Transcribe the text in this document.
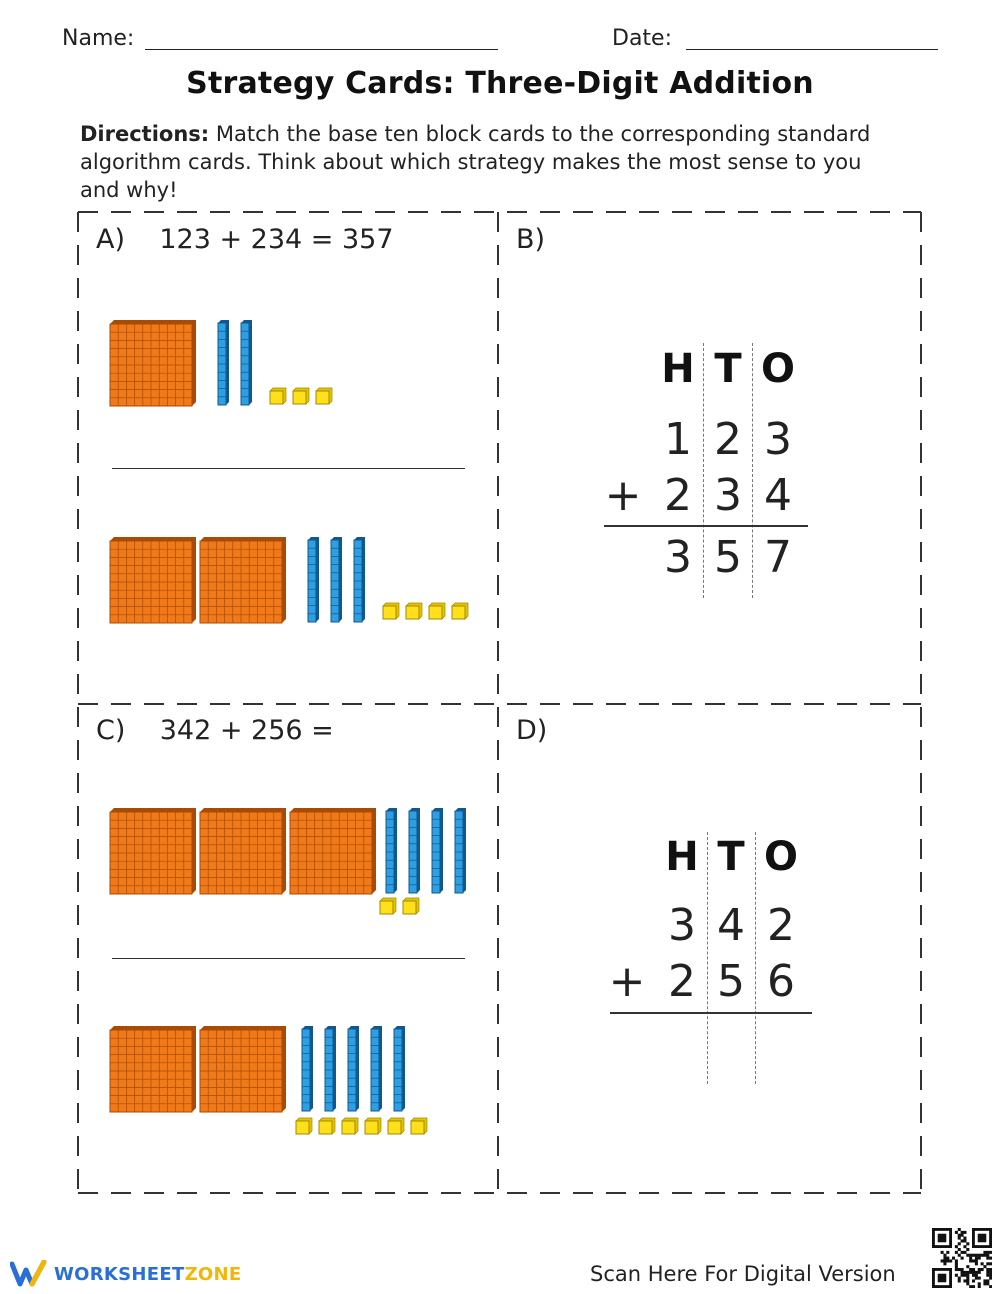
Name:	Date:
Strategy Cards: Three-Digit Addition
Directions: Match the base ten block cards to the corresponding standard algorithm cards. Think about which strategy makes the most sense to you and why!
A)    123 + 234 = 357	B)
H T O
1 2 3
+ 2 3 4
3 5 7
C)    342 + 256 =	D)
H T O
3 4 2
+ 2 5 6
WORKSHEETZONE	Scan Here For Digital Version
